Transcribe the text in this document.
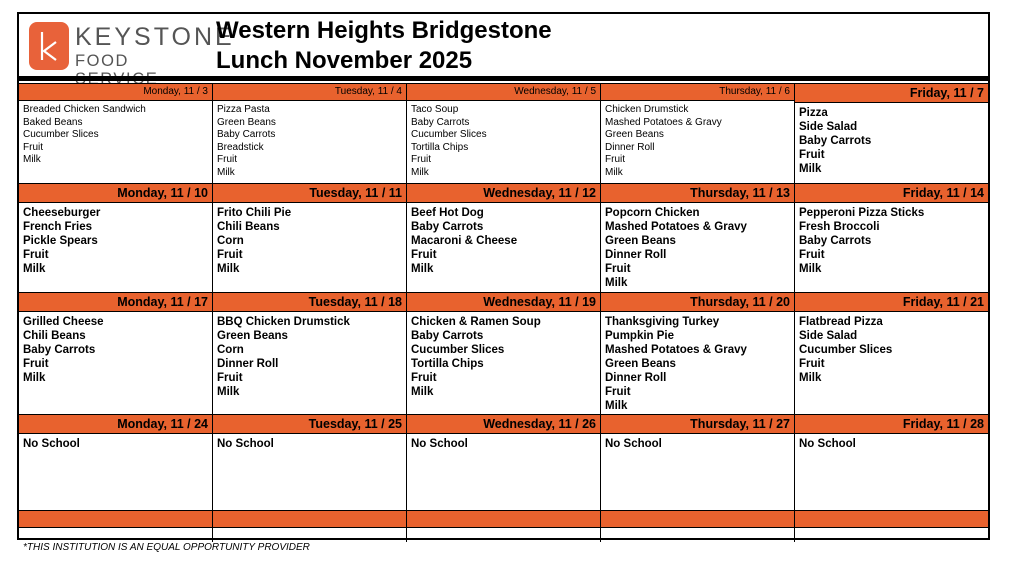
KEYSTONE
FOOD
Western Heights Bridgestone
Lunch November 2025
Monday, 11 / 3
Breaded Chicken Sandwich
Baked Beans
Cucumber Slices
Fruit
Milk
Tuesday, 11 / 4
Pizza Pasta
Green Beans
Baby Carrots
Breadstick
Fruit
Milk
Wednesday, 11 / 5
Taco Soup
Baby Carrots
Cucumber Slices
Tortilla Chips
Fruit
Milk
Thursday, 11 / 6
Chicken Drumstick
Mashed Potatoes & Gravy
Green Beans
Dinner Roll
Fruit
Milk
Friday, 11 / 7
Pizza
Side Salad
Baby Carrots
Fruit
Milk
Monday, 11 / 10
Cheeseburger
French Fries
Pickle Spears
Fruit
Milk
Tuesday, 11 / 11
Frito Chili Pie
Chili Beans
Corn
Fruit
Milk
Wednesday, 11 / 12
Beef Hot Dog
Baby Carrots
Macaroni & Cheese
Fruit
Milk
Thursday, 11 / 13
Popcorn Chicken
Mashed Potatoes & Gravy
Green Beans
Dinner Roll
Fruit
Milk
Friday, 11 / 14
Pepperoni Pizza Sticks
Fresh Broccoli
Baby Carrots
Fruit
Milk
Monday, 11 / 17
Grilled Cheese
Chili Beans
Baby Carrots
Fruit
Milk
Tuesday, 11 / 18
BBQ Chicken Drumstick
Green Beans
Corn
Dinner Roll
Fruit
Milk
Wednesday, 11 / 19
Chicken & Ramen Soup
Baby Carrots
Cucumber Slices
Tortilla Chips
Fruit
Milk
Thursday, 11 / 20
Thanksgiving Turkey
Pumpkin Pie
Mashed Potatoes & Gravy
Green Beans
Dinner Roll
Fruit
Milk
Friday, 11 / 21
Flatbread Pizza
Side Salad
Cucumber Slices
Fruit
Milk
Monday, 11 / 24
No School
Tuesday, 11 / 25
No School
Wednesday, 11 / 26
No School
Thursday, 11 / 27
No School
Friday, 11 / 28
No School
*THIS INSTITUTION IS AN EQUAL OPPORTUNITY PROVIDER
